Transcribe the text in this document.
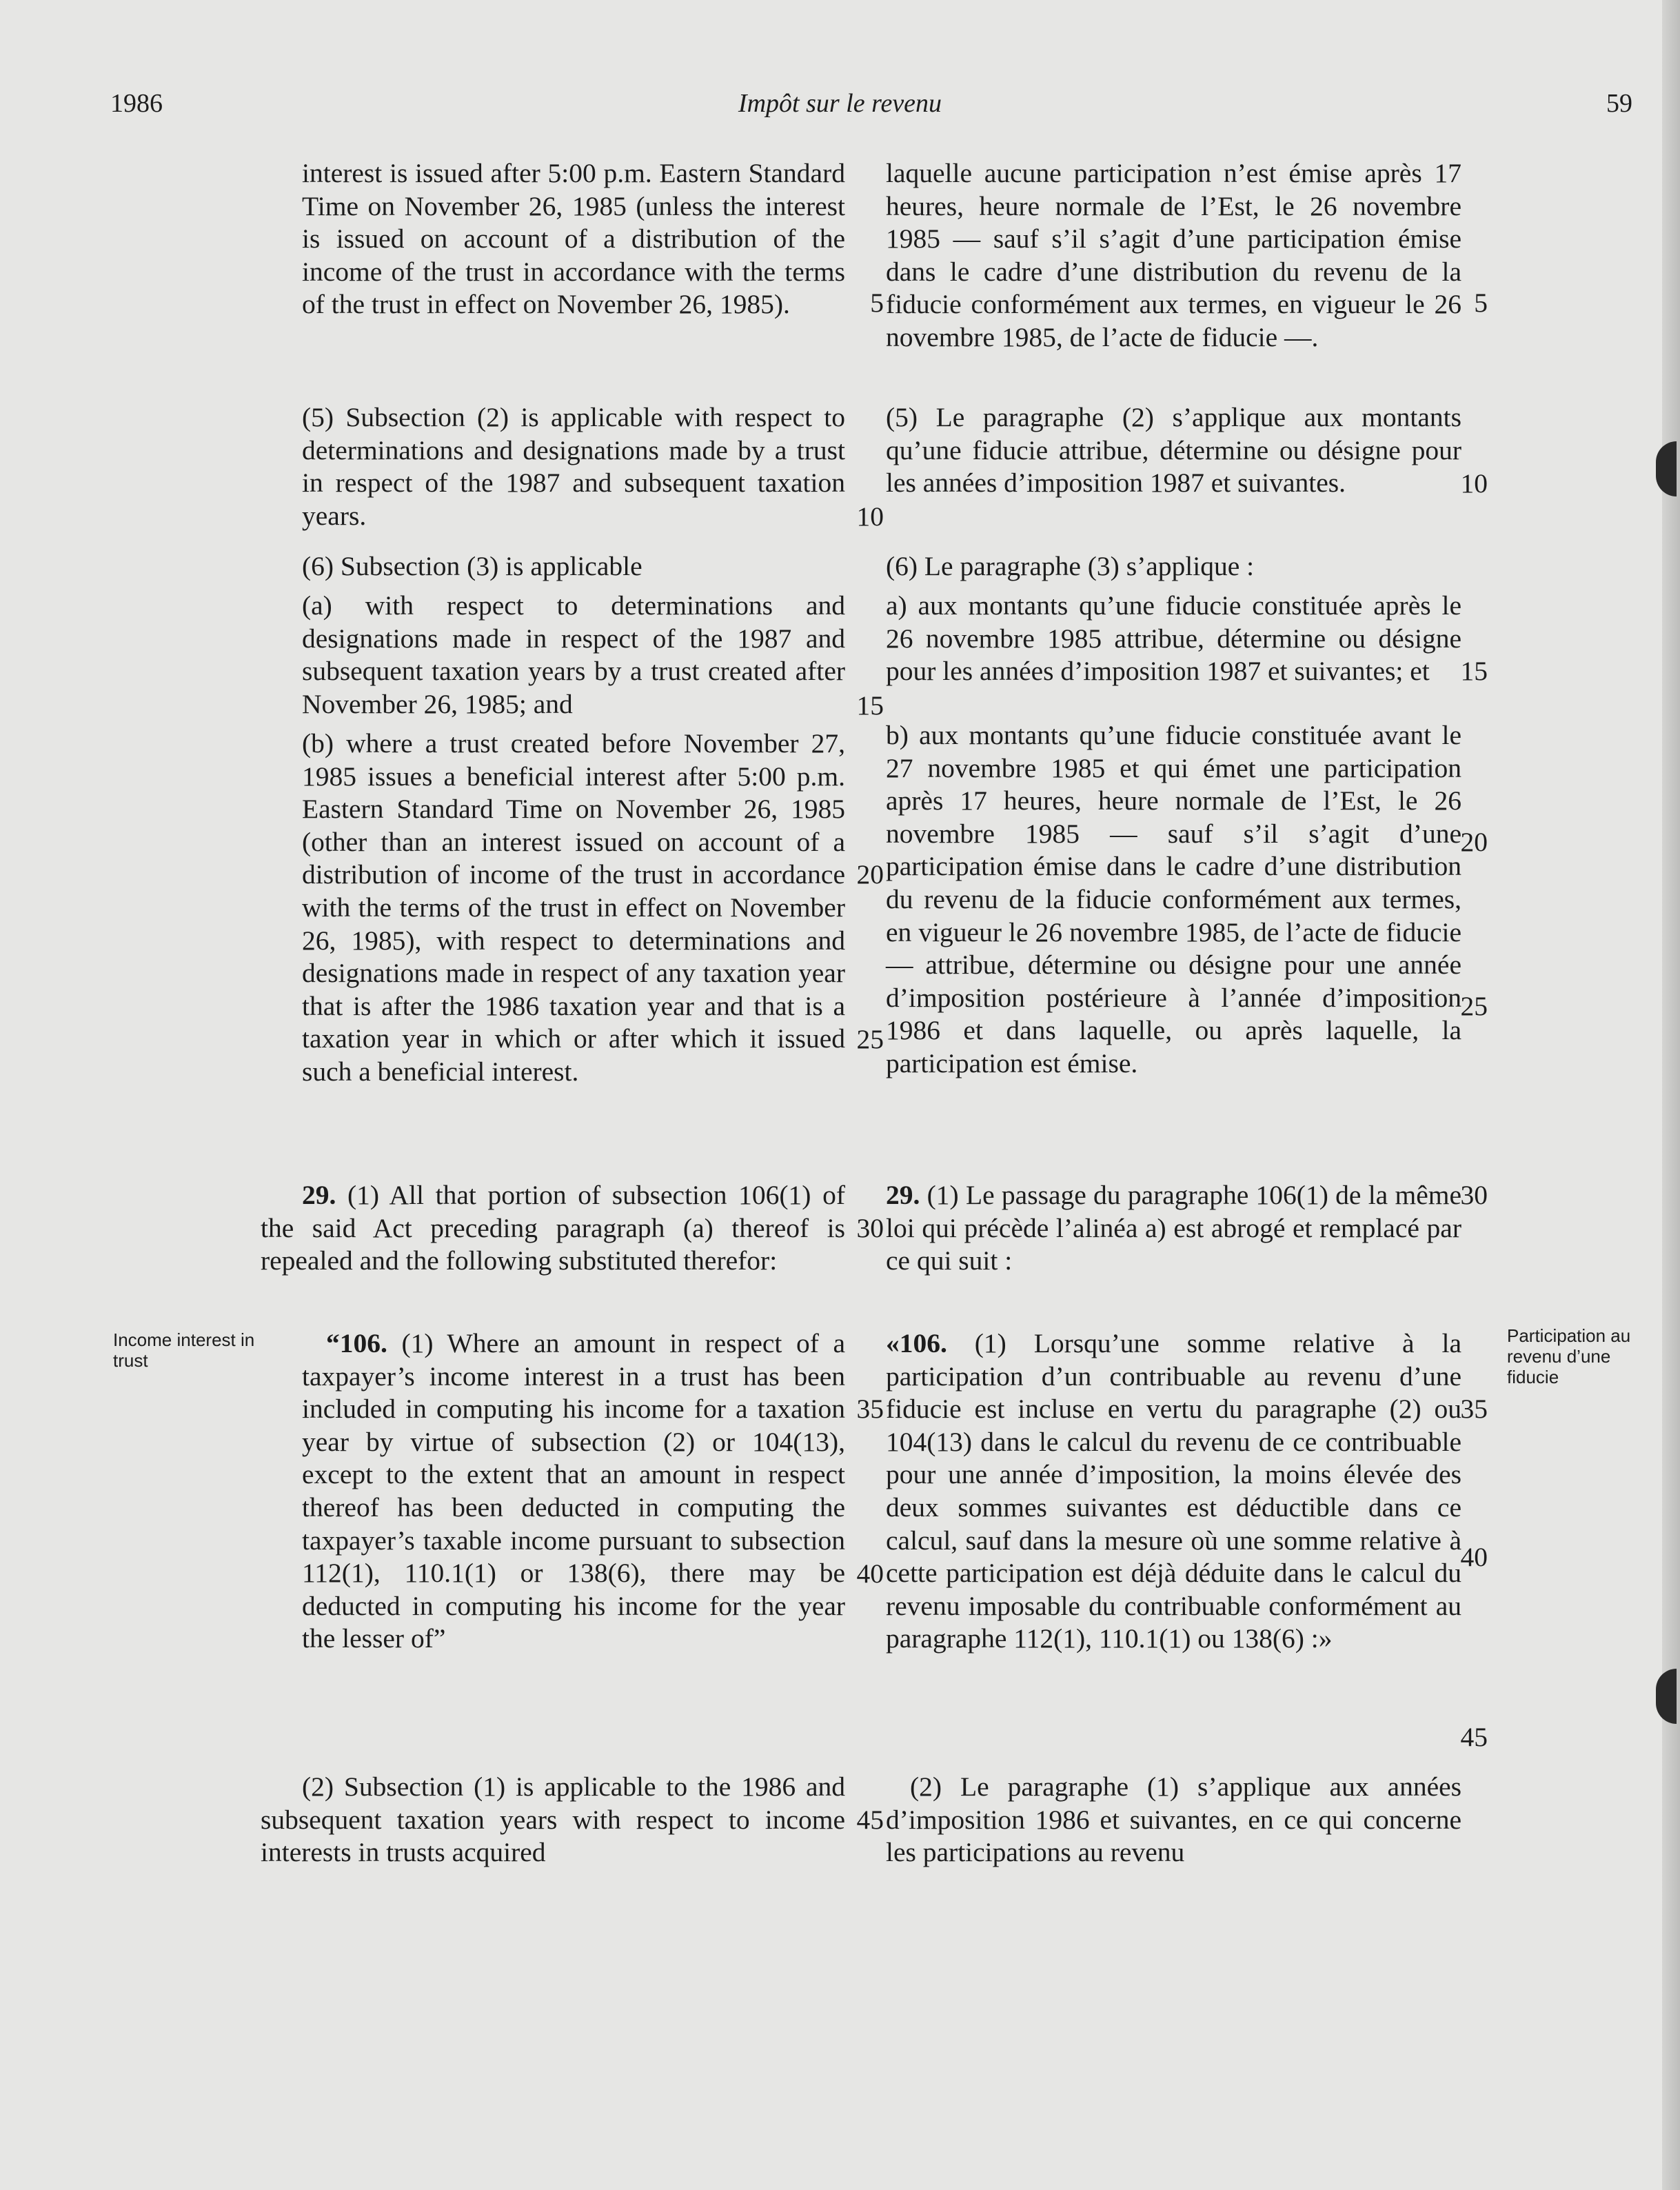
1986	Impôt sur le revenu	59

interest is issued after 5:00 p.m. Eastern Standard Time on November 26, 1985 (unless the interest is issued on account of a distribution of the income of the trust in accordance with the terms of the trust in effect on November 26, 1985).

(5) Subsection (2) is applicable with respect to determinations and designations made by a trust in respect of the 1987 and subsequent taxation years.

(6) Subsection (3) is applicable

(a) with respect to determinations and designations made in respect of the 1987 and subsequent taxation years by a trust created after November 26, 1985; and

(b) where a trust created before November 27, 1985 issues a beneficial interest after 5:00 p.m. Eastern Standard Time on November 26, 1985 (other than an interest issued on account of a distribution of income of the trust in accordance with the terms of the trust in effect on November 26, 1985), with respect to determinations and designations made in respect of any taxation year that is after the 1986 taxation year and that is a taxation year in which or after which it issued such a beneficial interest.

29. (1) All that portion of subsection 106(1) of the said Act preceding paragraph (a) thereof is repealed and the following substituted therefor:

“106. (1) Where an amount in respect of a taxpayer’s income interest in a trust has been included in computing his income for a taxation year by virtue of subsection (2) or 104(13), except to the extent that an amount in respect thereof has been deducted in computing the taxpayer’s taxable income pursuant to subsection 112(1), 110.1(1) or 138(6), there may be deducted in computing his income for the year the lesser of”

(2) Subsection (1) is applicable to the 1986 and subsequent taxation years with respect to income interests in trusts acquired

laquelle aucune participation n’est émise après 17 heures, heure normale de l’Est, le 26 novembre 1985 — sauf s’il s’agit d’une participation émise dans le cadre d’une distribution du revenu de la fiducie conformément aux termes, en vigueur le 26 novembre 1985, de l’acte de fiducie —.

(5) Le paragraphe (2) s’applique aux montants qu’une fiducie attribue, détermine ou désigne pour les années d’imposition 1987 et suivantes.

(6) Le paragraphe (3) s’applique :

a) aux montants qu’une fiducie constituée après le 26 novembre 1985 attribue, détermine ou désigne pour les années d’imposition 1987 et suivantes; et

b) aux montants qu’une fiducie constituée avant le 27 novembre 1985 et qui émet une participation après 17 heures, heure normale de l’Est, le 26 novembre 1985 — sauf s’il s’agit d’une participation émise dans le cadre d’une distribution du revenu de la fiducie conformément aux termes, en vigueur le 26 novembre 1985, de l’acte de fiducie — attribue, détermine ou désigne pour une année d’imposition postérieure à l’année d’imposition 1986 et dans laquelle, ou après laquelle, la participation est émise.

29. (1) Le passage du paragraphe 106(1) de la même loi qui précède l’alinéa a) est abrogé et remplacé par ce qui suit :

«106. (1) Lorsqu’une somme relative à la participation d’un contribuable au revenu d’une fiducie est incluse en vertu du paragraphe (2) ou 104(13) dans le calcul du revenu de ce contribuable pour une année d’imposition, la moins élevée des deux sommes suivantes est déductible dans ce calcul, sauf dans la mesure où une somme relative à cette participation est déjà déduite dans le calcul du revenu imposable du contribuable conformément au paragraphe 112(1), 110.1(1) ou 138(6) :»

(2) Le paragraphe (1) s’applique aux années d’imposition 1986 et suivantes, en ce qui concerne les participations au revenu

Income interest in trust
Participation au revenu d’une fiducie
5
10
15
20
25
30
35
40
45
5
10
15
20
25
30
35
40
45
